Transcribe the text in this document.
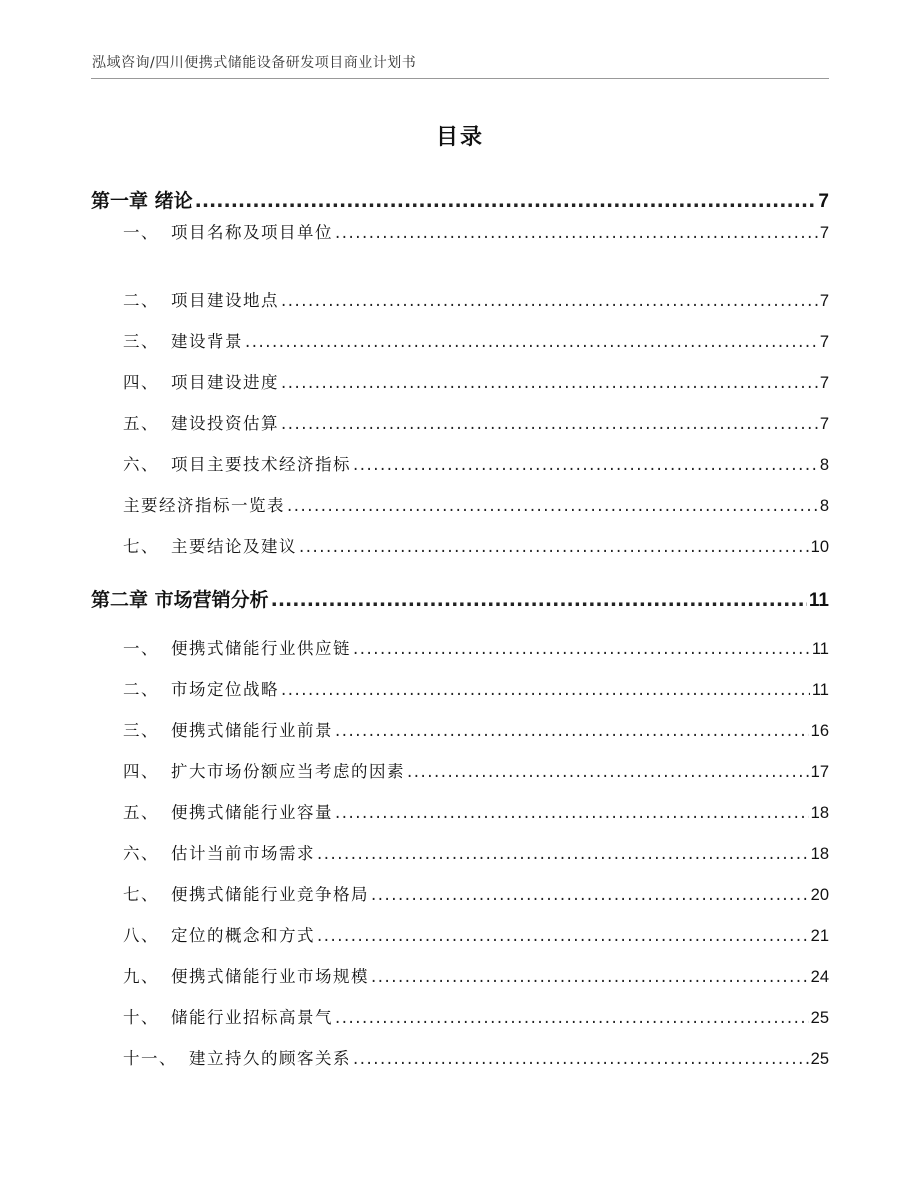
泓域咨询/四川便携式储能设备研发项目商业计划书
目录
第一章 绪论 .....	7
一、 项目名称及项目单位 .....	7
二、 项目建设地点 .....	7
三、 建设背景 .....	7
四、 项目建设进度 .....	7
五、 建设投资估算 .....	7
六、 项目主要技术经济指标 .....	8
主要经济指标一览表 .....	8
七、 主要结论及建议 .....	10
第二章 市场营销分析 .....	11
一、 便携式储能行业供应链 .....	11
二、 市场定位战略 .....	11
三、 便携式储能行业前景 .....	16
四、 扩大市场份额应当考虑的因素 .....	17
五、 便携式储能行业容量 .....	18
六、 估计当前市场需求 .....	18
七、 便携式储能行业竞争格局 .....	20
八、 定位的概念和方式 .....	21
九、 便携式储能行业市场规模 .....	24
十、 储能行业招标高景气 .....	25
十一、 建立持久的顾客关系 .....	25
